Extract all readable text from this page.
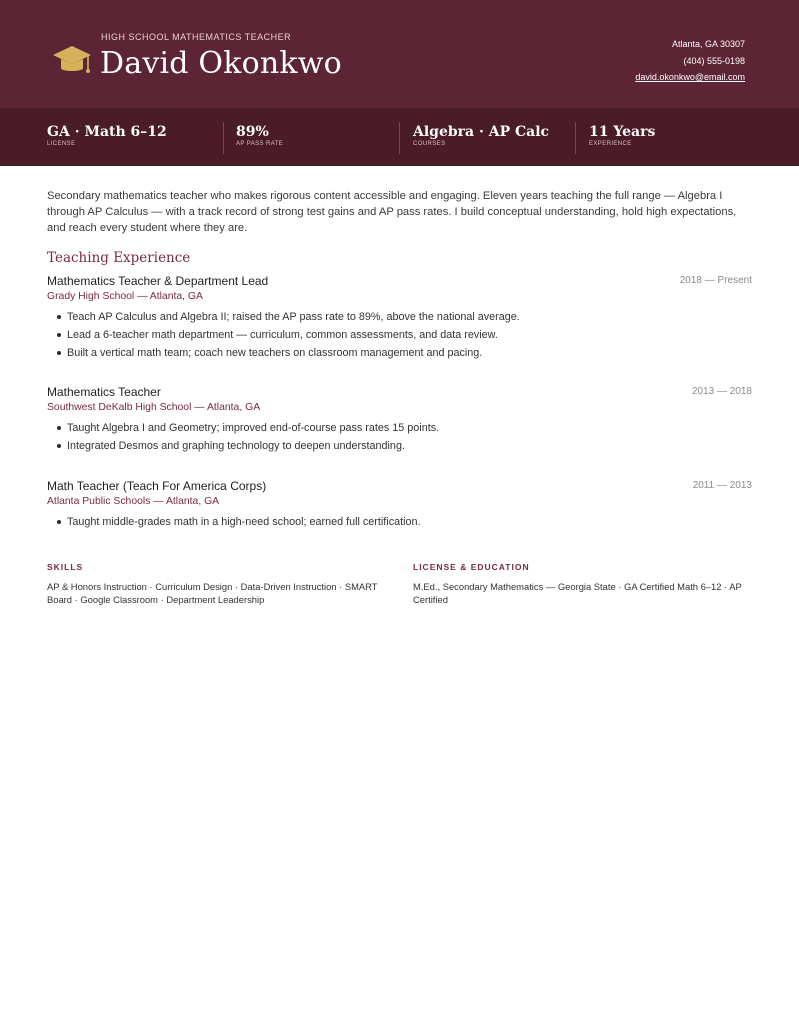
HIGH SCHOOL MATHEMATICS TEACHER
David Okonkwo
Atlanta, GA 30307
(404) 555-0198
david.okonkwo@email.com
GA · Math 6–12
LICENSE
89%
AP PASS RATE
Algebra · AP Calc
COURSES
11 Years
EXPERIENCE

Secondary mathematics teacher who makes rigorous content accessible and engaging. Eleven years teaching the full range — Algebra I through AP Calculus — with a track record of strong test gains and AP pass rates. I build conceptual understanding, hold high expectations, and reach every student where they are.

Teaching Experience
Mathematics Teacher & Department Lead	2018 — Present
Grady High School — Atlanta, GA
Teach AP Calculus and Algebra II; raised the AP pass rate to 89%, above the national average.
Lead a 6-teacher math department — curriculum, common assessments, and data review.
Built a vertical math team; coach new teachers on classroom management and pacing.
Mathematics Teacher	2013 — 2018
Southwest DeKalb High School — Atlanta, GA
Taught Algebra I and Geometry; improved end-of-course pass rates 15 points.
Integrated Desmos and graphing technology to deepen understanding.
Math Teacher (Teach For America Corps)	2011 — 2013
Atlanta Public Schools — Atlanta, GA
Taught middle-grades math in a high-need school; earned full certification.
SKILLS
AP & Honors Instruction · Curriculum Design · Data-Driven Instruction · SMART Board · Google Classroom · Department Leadership
LICENSE & EDUCATION
M.Ed., Secondary Mathematics — Georgia State · GA Certified Math 6–12 · AP Certified
